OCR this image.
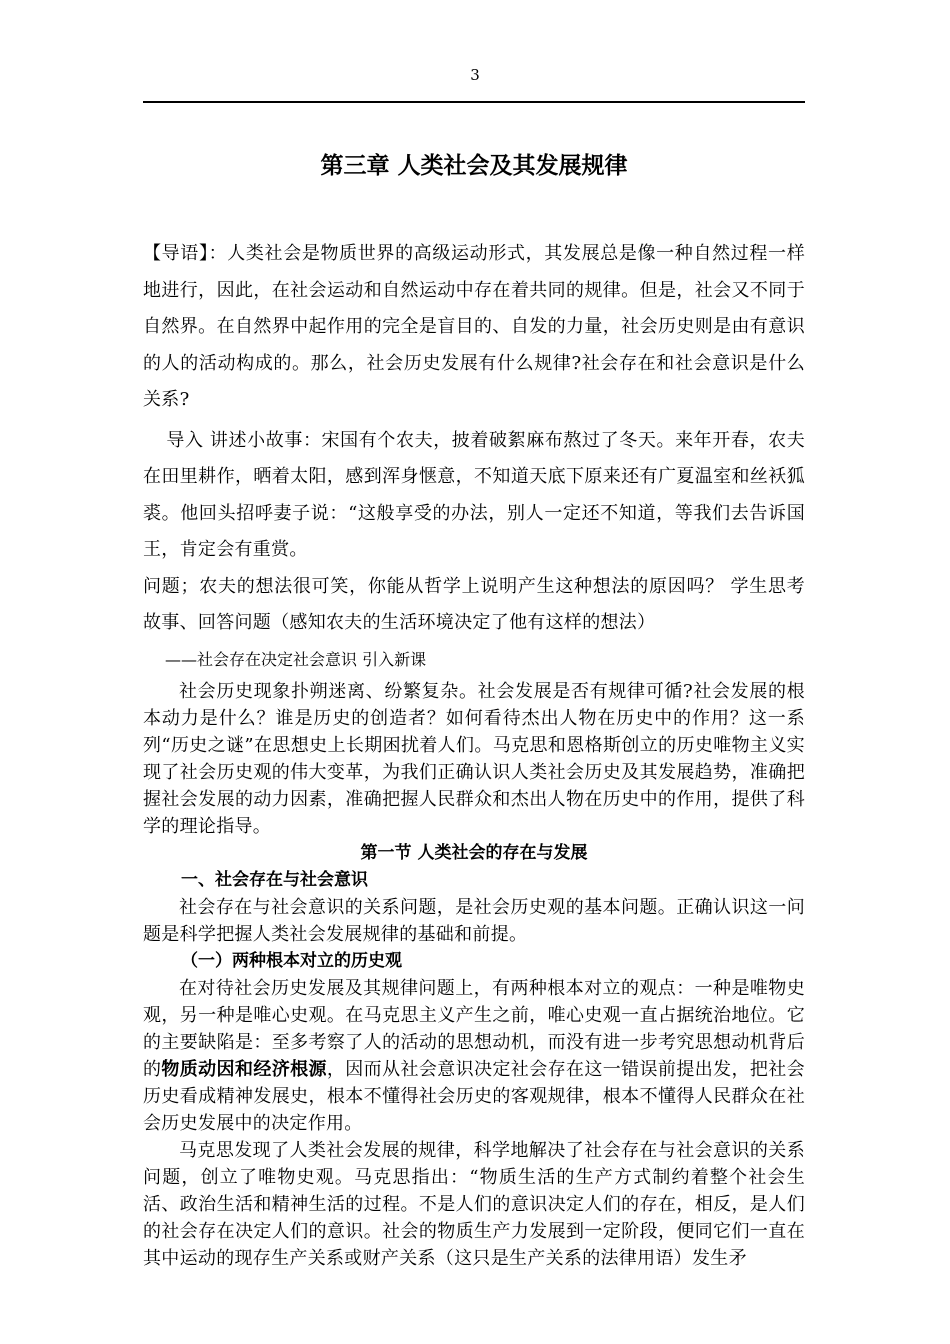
3
第三章 人类社会及其发展规律

【导语】：人类社会是物质世界的高级运动形式，其发展总是像一种自然过程一样地进行，因此，在社会运动和自然运动中存在着共同的规律。但是，社会又不同于自然界。在自然界中起作用的完全是盲目的、自发的力量，社会历史则是由有意识的人的活动构成的。那么，社会历史发展有什么规律?社会存在和社会意识是什么关系?

导入 讲述小故事：宋国有个农夫，披着破絮麻布熬过了冬天。来年开春，农夫在田里耕作，晒着太阳，感到浑身惬意，不知道天底下原来还有广夏温室和丝袄狐裘。他回头招呼妻子说：“这般享受的办法，别人一定还不知道，等我们去告诉国王，肯定会有重赏。

问题；农夫的想法很可笑，你能从哲学上说明产生这种想法的原因吗？ 学生思考故事、回答问题（感知农夫的生活环境决定了他有这样的想法）

——社会存在决定社会意识 引入新课

社会历史现象扑朔迷离、纷繁复杂。社会发展是否有规律可循?社会发展的根本动力是什么？谁是历史的创造者？如何看待杰出人物在历史中的作用？这一系列“历史之谜”在思想史上长期困扰着人们。马克思和恩格斯创立的历史唯物主义实现了社会历史观的伟大变革，为我们正确认识人类社会历史及其发展趋势，准确把握社会发展的动力因素，准确把握人民群众和杰出人物在历史中的作用，提供了科学的理论指导。

第一节 人类社会的存在与发展
一、社会存在与社会意识

社会存在与社会意识的关系问题，是社会历史观的基本问题。正确认识这一问题是科学把握人类社会发展规律的基础和前提。

（一）两种根本对立的历史观

在对待社会历史发展及其规律问题上，有两种根本对立的观点：一种是唯物史观，另一种是唯心史观。在马克思主义产生之前，唯心史观一直占据统治地位。它的主要缺陷是：至多考察了人的活动的思想动机，而没有进一步考究思想动机背后的物质动因和经济根源，因而从社会意识决定社会存在这一错误前提出发，把社会历史看成精神发展史，根本不懂得社会历史的客观规律，根本不懂得人民群众在社会历史发展中的决定作用。

马克思发现了人类社会发展的规律，科学地解决了社会存在与社会意识的关系问题，创立了唯物史观。马克思指出：“物质生活的生产方式制约着整个社会生活、政治生活和精神生活的过程。不是人们的意识决定人们的存在，相反，是人们的社会存在决定人们的意识。社会的物质生产力发展到一定阶段，便同它们一直在其中运动的现存生产关系或财产关系（这只是生产关系的法律用语）发生矛
